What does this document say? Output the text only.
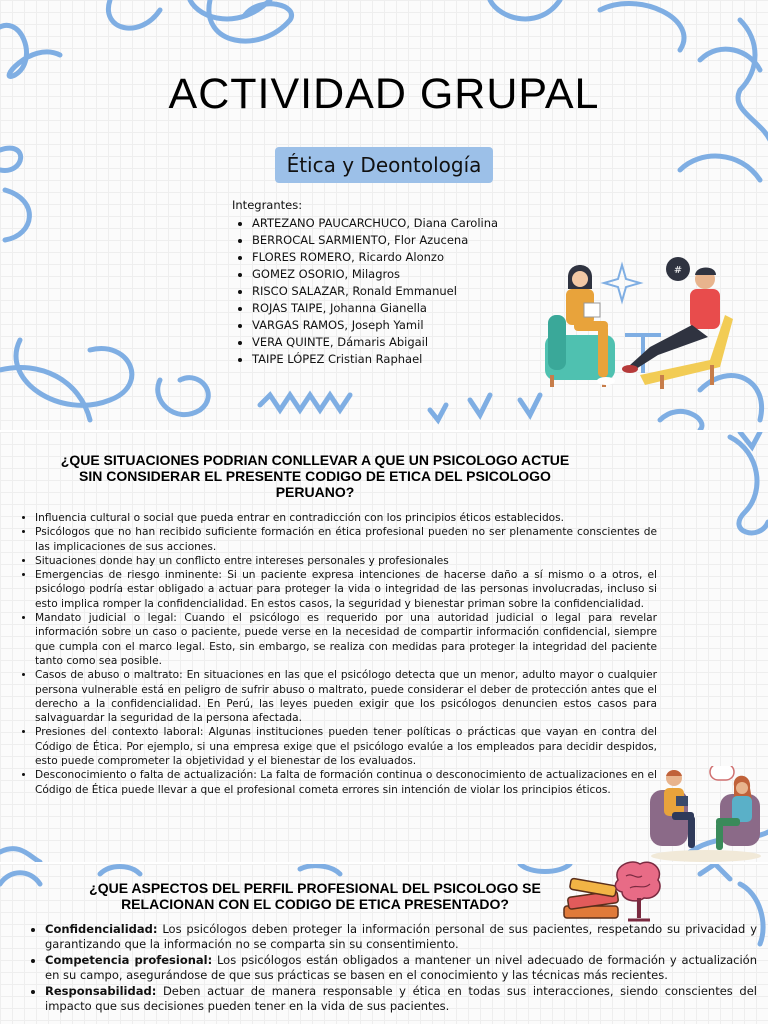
ACTIVIDAD GRUPAL
Ética y Deontología
Integrantes:
• ARTEZANO PAUCARCHUCO, Diana Carolina
• BERROCAL SARMIENTO, Flor Azucena
• FLORES ROMERO, Ricardo Alonzo
• GOMEZ OSORIO, Milagros
• RISCO SALAZAR, Ronald Emmanuel
• ROJAS TAIPE, Johanna Gianella
• VARGAS RAMOS, Joseph Yamil
• VERA QUINTE, Dámaris Abigail
• TAIPE LÓPEZ Cristian Raphael
#
¿QUE SITUACIONES PODRIAN CONLLEVAR A QUE UN PSICOLOGO ACTUE SIN CONSIDERAR EL PRESENTE CODIGO DE ETICA DEL PSICOLOGO PERUANO?
• Influencia cultural o social que pueda entrar en contradicción con los principios éticos establecidos.
• Psicólogos que no han recibido suficiente formación en ética profesional pueden no ser plenamente conscientes de las implicaciones de sus acciones.
• Situaciones donde hay un conflicto entre intereses personales y profesionales
• Emergencias de riesgo inminente: Si un paciente expresa intenciones de hacerse daño a sí mismo o a otros, el psicólogo podría estar obligado a actuar para proteger la vida o integridad de las personas involucradas, incluso si esto implica romper la confidencialidad. En estos casos, la seguridad y bienestar priman sobre la confidencialidad.
• Mandato judicial o legal: Cuando el psicólogo es requerido por una autoridad judicial o legal para revelar información sobre un caso o paciente, puede verse en la necesidad de compartir información confidencial, siempre que cumpla con el marco legal. Esto, sin embargo, se realiza con medidas para proteger la integridad del paciente tanto como sea posible.
• Casos de abuso o maltrato: En situaciones en las que el psicólogo detecta que un menor, adulto mayor o cualquier persona vulnerable está en peligro de sufrir abuso o maltrato, puede considerar el deber de protección antes que el derecho a la confidencialidad. En Perú, las leyes pueden exigir que los psicólogos denuncien estos casos para salvaguardar la seguridad de la persona afectada.
• Presiones del contexto laboral: Algunas instituciones pueden tener políticas o prácticas que vayan en contra del Código de Ética. Por ejemplo, si una empresa exige que el psicólogo evalúe a los empleados para decidir despidos, esto puede comprometer la objetividad y el bienestar de los evaluados.
• Desconocimiento o falta de actualización: La falta de formación continua o desconocimiento de actualizaciones en el Código de Ética puede llevar a que el profesional cometa errores sin intención de violar los principios éticos.
¿QUE ASPECTOS DEL PERFIL PROFESIONAL DEL PSICOLOGO SE RELACIONAN CON EL CODIGO DE ETICA PRESENTADO?
• Confidencialidad: Los psicólogos deben proteger la información personal de sus pacientes, respetando su privacidad y garantizando que la información no se comparta sin su consentimiento.
• Competencia profesional: Los psicólogos están obligados a mantener un nivel adecuado de formación y actualización en su campo, asegurándose de que sus prácticas se basen en el conocimiento y las técnicas más recientes.
• Responsabilidad: Deben actuar de manera responsable y ética en todas sus interacciones, siendo conscientes del impacto que sus decisiones pueden tener en la vida de sus pacientes.
